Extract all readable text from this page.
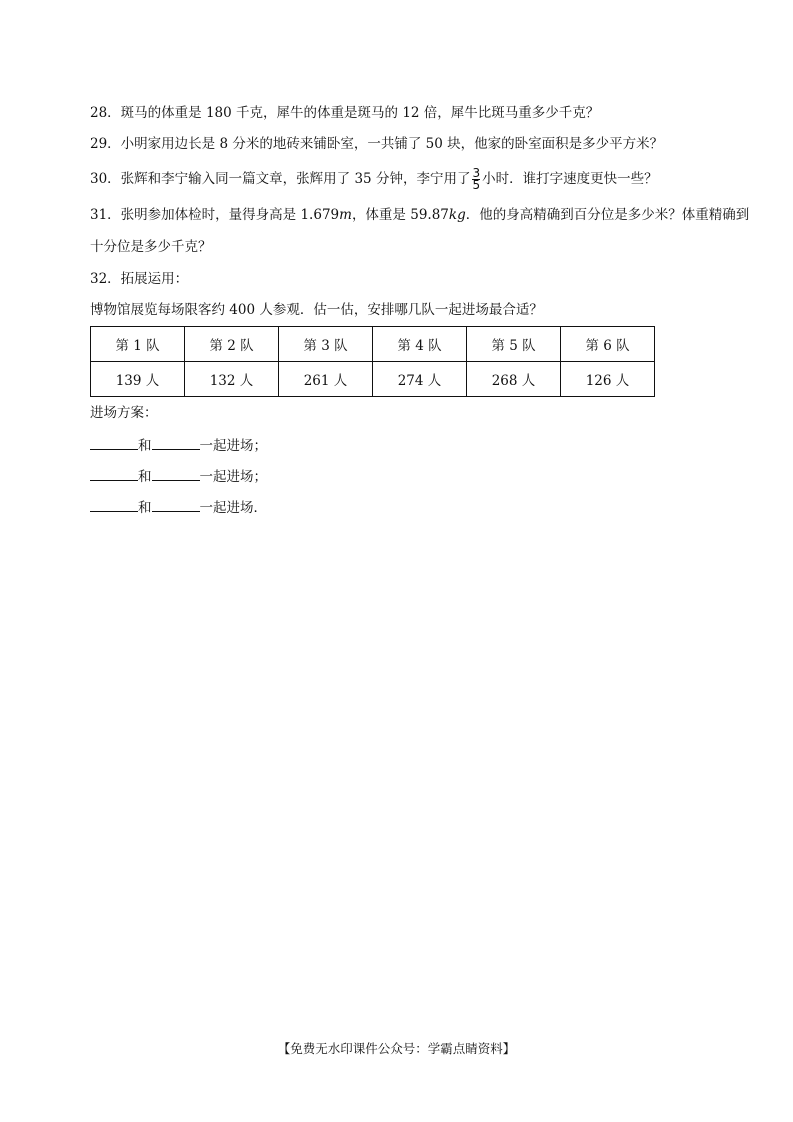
28．斑马的体重是 180 千克，犀牛的体重是斑马的 12 倍，犀牛比斑马重多少千克？
29．小明家用边长是 8 分米的地砖来铺卧室，一共铺了 50 块，他家的卧室面积是多少平方米？
30．张辉和李宁输入同一篇文章，张辉用了 35 分钟，李宁用了 $\frac{3}{5}$ 小时．谁打字速度更快一些？
31．张明参加体检时，量得身高是 1.679m，体重是 59.87kg．他的身高精确到百分位是多少米？体重精确到
十分位是多少千克？
32．拓展运用：
博物馆展览每场限客约 400 人参观．估一估，安排哪几队一起进场最合适？
第 1 队	第 2 队	第 3 队	第 4 队	第 5 队	第 6 队
139 人	132 人	261 人	274 人	268 人	126 人
进场方案：
和	一起进场；
和	一起进场；
和	一起进场．
【免费无水印课件公众号：学霸点睛资料】
